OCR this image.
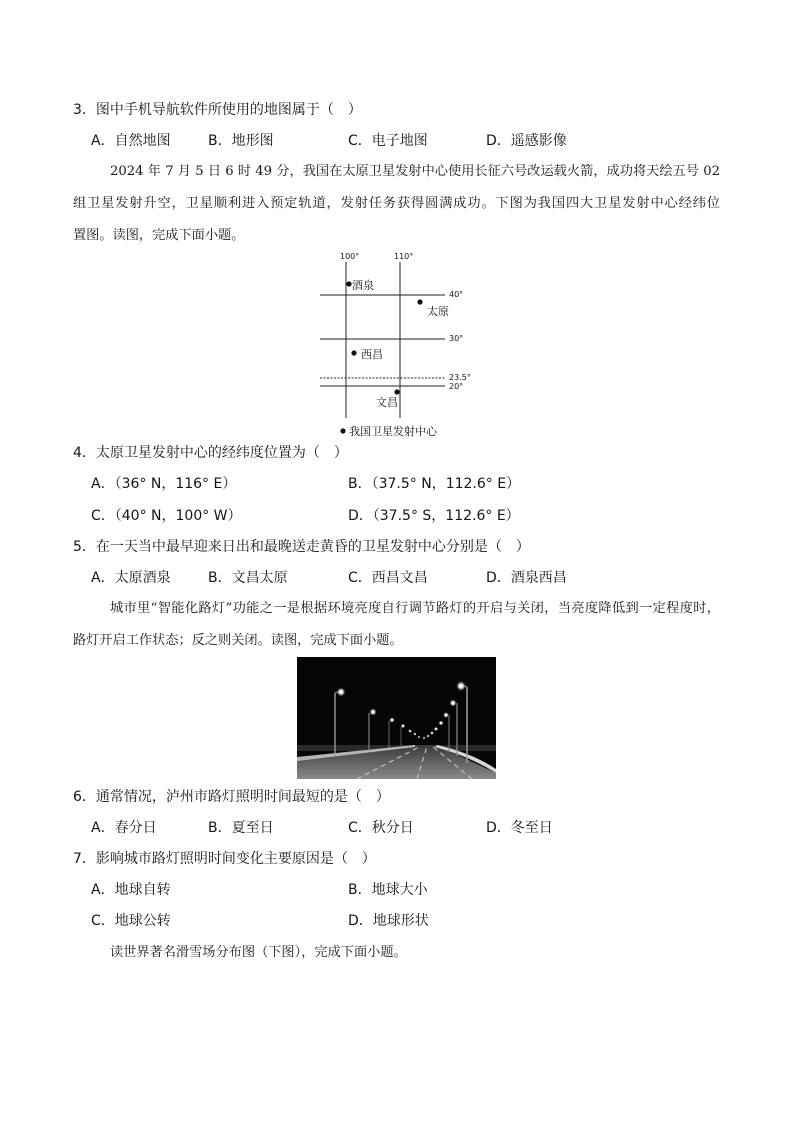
3．图中手机导航软件所使用的地图属于（　）
A．自然地图	B．地形图	C．电子地图	D．遥感影像
2024 年 7 月 5 日 6 时 49 分，我国在太原卫星发射中心使用长征六号改运载火箭，成功将天绘五号 02
组卫星发射升空，卫星顺利进入预定轨道，发射任务获得圆满成功。下图为我国四大卫星发射中心经纬位
置图。读图，完成下面小题。
100°	110°
40°
30°
23.5°
20°
酒泉
太原
西昌
文昌
我国卫星发射中心
4．太原卫星发射中心的经纬度位置为（　）
A．（36° N，116° E）	B．（37.5° N，112.6° E）
C．（40° N，100° W）	D．（37.5° S，112.6° E）
5．在一天当中最早迎来日出和最晚送走黄昏的卫星发射中心分别是（　）
A．太原酒泉	B．文昌太原	C．西昌文昌	D．酒泉西昌
城市里“智能化路灯”功能之一是根据环境亮度自行调节路灯的开启与关闭，当亮度降低到一定程度时，
路灯开启工作状态；反之则关闭。读图，完成下面小题。
6．通常情况，泸州市路灯照明时间最短的是（　）
A．春分日	B．夏至日	C．秋分日	D．冬至日
7．影响城市路灯照明时间变化主要原因是（　）
A．地球自转	B．地球大小
C．地球公转	D．地球形状
读世界著名滑雪场分布图（下图），完成下面小题。
